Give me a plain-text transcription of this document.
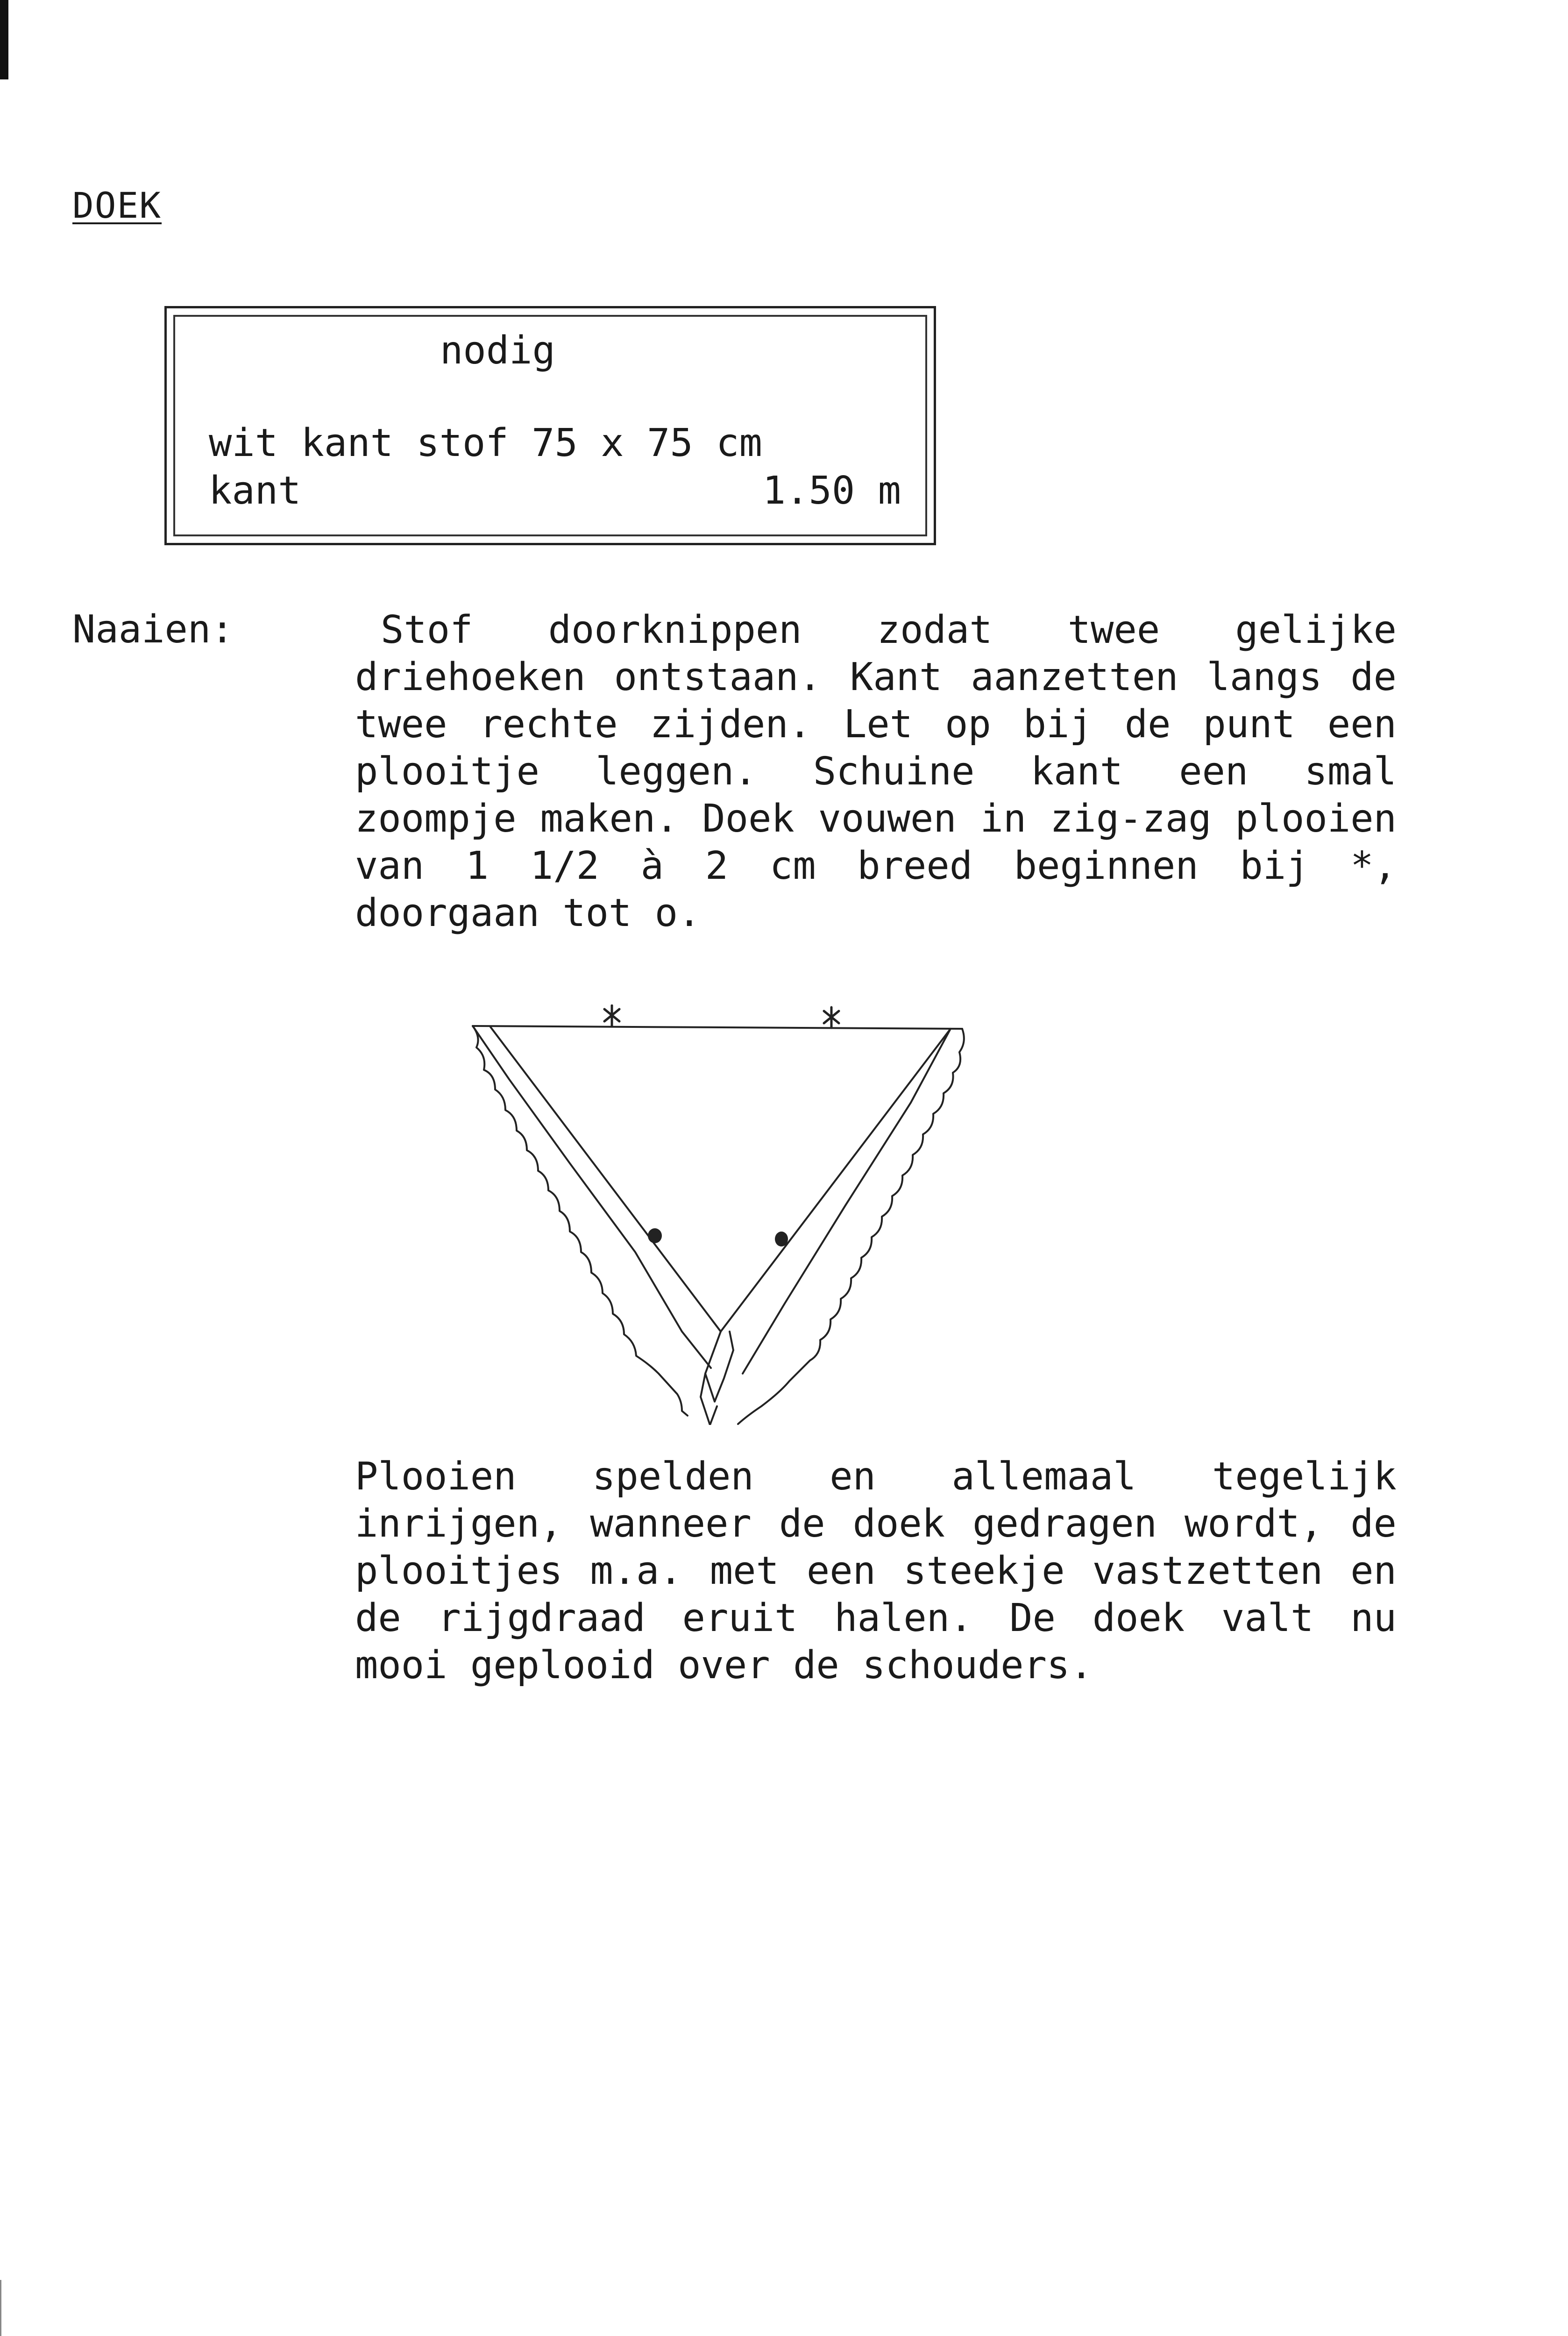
DOEK
nodig
wit kant stof 75 x 75 cm
kant	1.50 m

Naaien:	Stof doorknippen zodat twee gelijke driehoeken ontstaan. Kant aanzetten langs de twee rechte zijden. Let op bij de punt een plooitje leggen. Schuine kant een smal zoompje maken. Doek vouwen in zig-zag plooien van 1 1/2 à 2 cm breed beginnen bij *, doorgaan tot o.

Plooien spelden en allemaal tegelijk inrijgen, wanneer de doek gedragen wordt, de plooitjes m.a. met een steekje vastzetten en de rijgdraad eruit halen. De doek valt nu mooi geplooid over de schouders.
